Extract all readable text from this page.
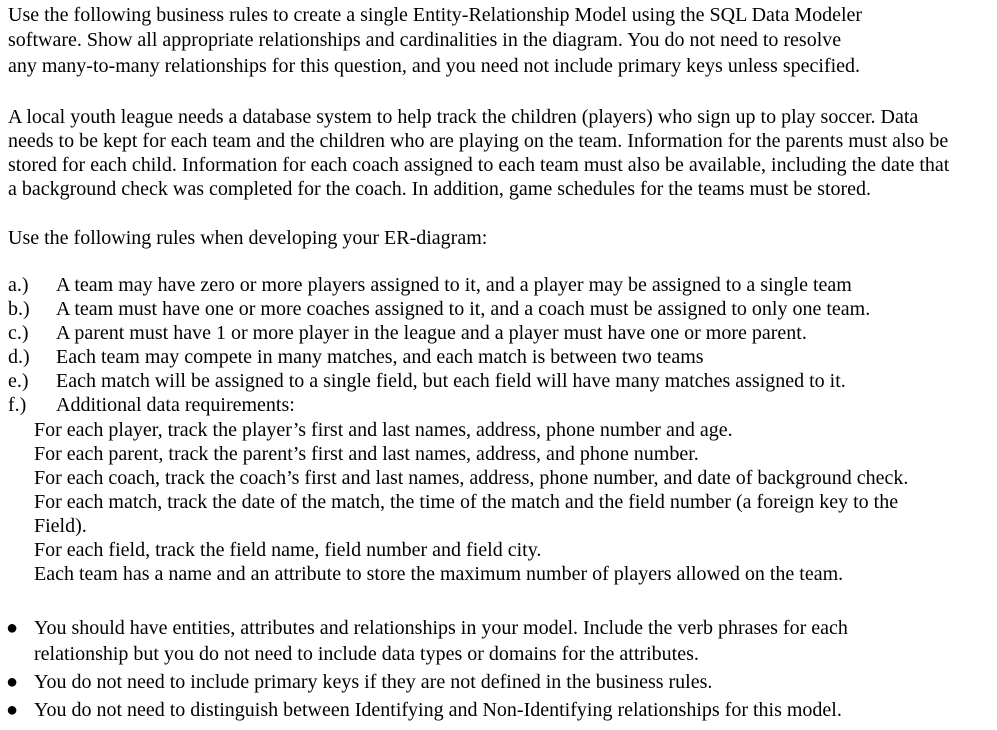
Use the following business rules to create a single Entity-Relationship Model using the SQL Data Modeler
software. Show all appropriate relationships and cardinalities in the diagram. You do not need to resolve
any many-to-many relationships for this question, and you need not include primary keys unless specified.
A local youth league needs a database system to help track the children (players) who sign up to play soccer. Data
needs to be kept for each team and the children who are playing on the team. Information for the parents must also be
stored for each child. Information for each coach assigned to each team must also be available, including the date that
a background check was completed for the coach. In addition, game schedules for the teams must be stored.
Use the following rules when developing your ER-diagram:
a.) A team may have zero or more players assigned to it, and a player may be assigned to a single team
b.) A team must have one or more coaches assigned to it, and a coach must be assigned to only one team.
c.) A parent must have 1 or more player in the league and a player must have one or more parent.
d.) Each team may compete in many matches, and each match is between two teams
e.) Each match will be assigned to a single field, but each field will have many matches assigned to it.
f.) Additional data requirements:
For each player, track the player’s first and last names, address, phone number and age.
For each parent, track the parent’s first and last names, address, and phone number.
For each coach, track the coach’s first and last names, address, phone number, and date of background check.
For each match, track the date of the match, the time of the match and the field number (a foreign key to the
Field).
For each field, track the field name, field number and field city.
Each team has a name and an attribute to store the maximum number of players allowed on the team.
● You should have entities, attributes and relationships in your model. Include the verb phrases for each
relationship but you do not need to include data types or domains for the attributes.
● You do not need to include primary keys if they are not defined in the business rules.
● You do not need to distinguish between Identifying and Non-Identifying relationships for this model.
